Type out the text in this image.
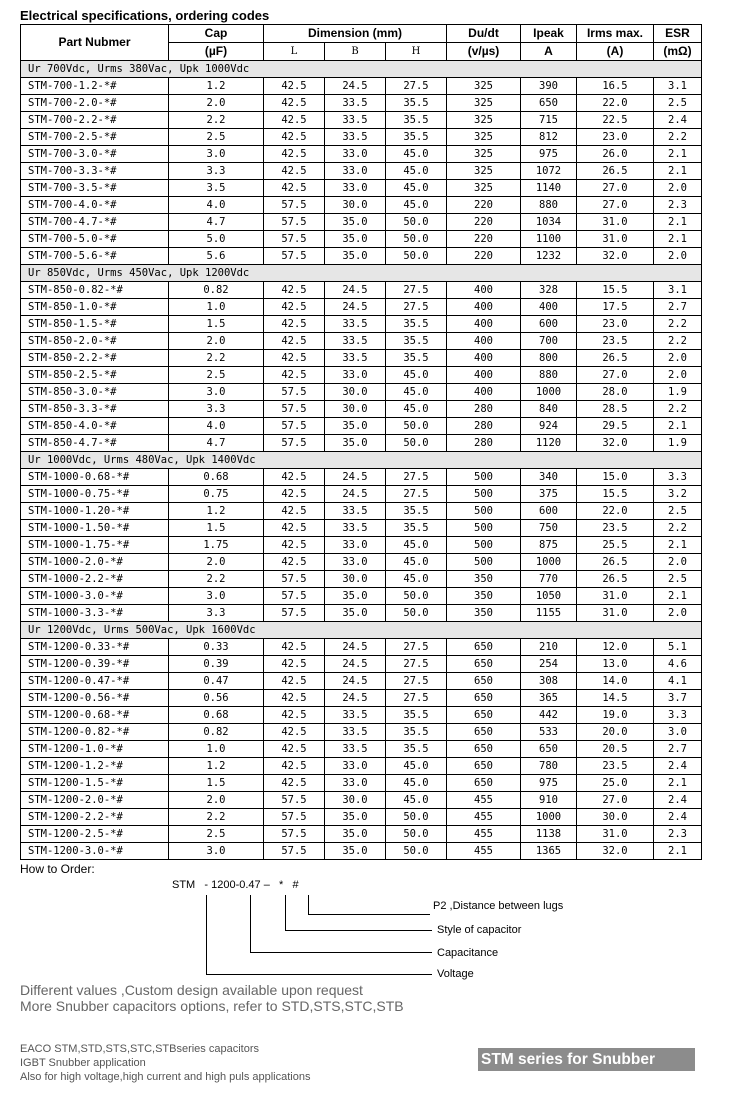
Electrical specifications, ordering codes
Part Nubmer	Cap	Dimension (mm)			Du/dt	Ipeak	Irms max.	ESR
	(µF)	L	B	H	(v/µs)	A	(A)	(mΩ)
Ur 700Vdc, Urms 380Vac, Upk 1000Vdc								
STM-700-1.2-*#	1.2	42.5	24.5	27.5	325	390	16.5	3.1
STM-700-2.0-*#	2.0	42.5	33.5	35.5	325	650	22.0	2.5
STM-700-2.2-*#	2.2	42.5	33.5	35.5	325	715	22.5	2.4
STM-700-2.5-*#	2.5	42.5	33.5	35.5	325	812	23.0	2.2
STM-700-3.0-*#	3.0	42.5	33.0	45.0	325	975	26.0	2.1
STM-700-3.3-*#	3.3	42.5	33.0	45.0	325	1072	26.5	2.1
STM-700-3.5-*#	3.5	42.5	33.0	45.0	325	1140	27.0	2.0
STM-700-4.0-*#	4.0	57.5	30.0	45.0	220	880	27.0	2.3
STM-700-4.7-*#	4.7	57.5	35.0	50.0	220	1034	31.0	2.1
STM-700-5.0-*#	5.0	57.5	35.0	50.0	220	1100	31.0	2.1
STM-700-5.6-*#	5.6	57.5	35.0	50.0	220	1232	32.0	2.0
Ur 850Vdc, Urms 450Vac, Upk 1200Vdc								
STM-850-0.82-*#	0.82	42.5	24.5	27.5	400	328	15.5	3.1
STM-850-1.0-*#	1.0	42.5	24.5	27.5	400	400	17.5	2.7
STM-850-1.5-*#	1.5	42.5	33.5	35.5	400	600	23.0	2.2
STM-850-2.0-*#	2.0	42.5	33.5	35.5	400	700	23.5	2.2
STM-850-2.2-*#	2.2	42.5	33.5	35.5	400	800	26.5	2.0
STM-850-2.5-*#	2.5	42.5	33.0	45.0	400	880	27.0	2.0
STM-850-3.0-*#	3.0	57.5	30.0	45.0	400	1000	28.0	1.9
STM-850-3.3-*#	3.3	57.5	30.0	45.0	280	840	28.5	2.2
STM-850-4.0-*#	4.0	57.5	35.0	50.0	280	924	29.5	2.1
STM-850-4.7-*#	4.7	57.5	35.0	50.0	280	1120	32.0	1.9
Ur 1000Vdc, Urms 480Vac, Upk 1400Vdc								
STM-1000-0.68-*#	0.68	42.5	24.5	27.5	500	340	15.0	3.3
STM-1000-0.75-*#	0.75	42.5	24.5	27.5	500	375	15.5	3.2
STM-1000-1.20-*#	1.2	42.5	33.5	35.5	500	600	22.0	2.5
STM-1000-1.50-*#	1.5	42.5	33.5	35.5	500	750	23.5	2.2
STM-1000-1.75-*#	1.75	42.5	33.0	45.0	500	875	25.5	2.1
STM-1000-2.0-*#	2.0	42.5	33.0	45.0	500	1000	26.5	2.0
STM-1000-2.2-*#	2.2	57.5	30.0	45.0	350	770	26.5	2.5
STM-1000-3.0-*#	3.0	57.5	35.0	50.0	350	1050	31.0	2.1
STM-1000-3.3-*#	3.3	57.5	35.0	50.0	350	1155	31.0	2.0
Ur 1200Vdc, Urms 500Vac, Upk 1600Vdc								
STM-1200-0.33-*#	0.33	42.5	24.5	27.5	650	210	12.0	5.1
STM-1200-0.39-*#	0.39	42.5	24.5	27.5	650	254	13.0	4.6
STM-1200-0.47-*#	0.47	42.5	24.5	27.5	650	308	14.0	4.1
STM-1200-0.56-*#	0.56	42.5	24.5	27.5	650	365	14.5	3.7
STM-1200-0.68-*#	0.68	42.5	33.5	35.5	650	442	19.0	3.3
STM-1200-0.82-*#	0.82	42.5	33.5	35.5	650	533	20.0	3.0
STM-1200-1.0-*#	1.0	42.5	33.5	35.5	650	650	20.5	2.7
STM-1200-1.2-*#	1.2	42.5	33.0	45.0	650	780	23.5	2.4
STM-1200-1.5-*#	1.5	42.5	33.0	45.0	650	975	25.0	2.1
STM-1200-2.0-*#	2.0	57.5	30.0	45.0	455	910	27.0	2.4
STM-1200-2.2-*#	2.2	57.5	35.0	50.0	455	1000	30.0	2.4
STM-1200-2.5-*#	2.5	57.5	35.0	50.0	455	1138	31.0	2.3
STM-1200-3.0-*#	3.0	57.5	35.0	50.0	455	1365	32.0	2.1
How to Order:
STM   - 1200-0.47 –   *   #
P2 ,Distance between lugs
Style of capacitor
Capacitance
Voltage
Different values ,Custom design available upon request
More Snubber capacitors options, refer to STD,STS,STC,STB
EACO STM,STD,STS,STC,STBseries capacitors
IGBT Snubber application
Also for high voltage,high current and high puls applications
STM series for Snubber
